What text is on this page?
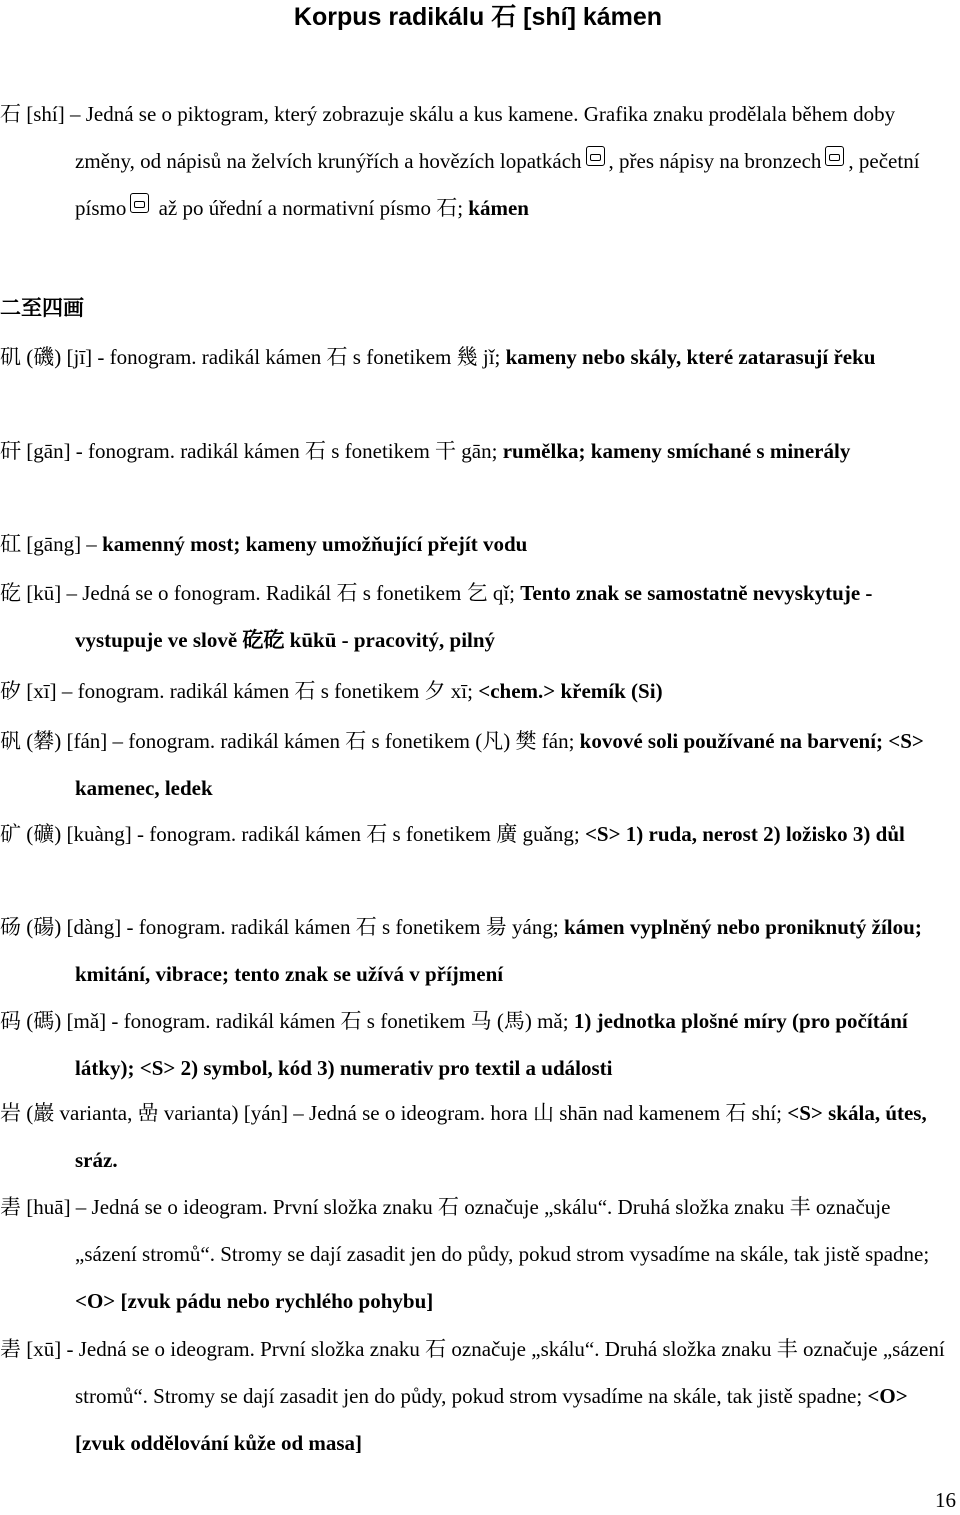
Korpus radikálu 石 [shí] kámen
石 [shí] – Jedná se o piktogram, který zobrazuje skálu a kus kamene. Grafika znaku prodělala během doby změny, od nápisů na želvích krunýřích a hovězích lopatkách , přes nápisy na bronzech , pečetní písmo až po úřední a normativní písmo 石; kámen
二至四画
矶 (磯) [jī] - fonogram. radikál kámen 石 s fonetikem 幾 jǐ; kameny nebo skály, které zatarasují řeku
矸 [gān] - fonogram. radikál kámen 石 s fonetikem 干 gān; rumělka; kameny smíchané s minerály
矼 [gāng] – kamenný most; kameny umožňující přejít vodu
矻 [kū] – Jedná se o fonogram. Radikál 石 s fonetikem 乞 qǐ; Tento znak se samostatně nevyskytuje - vystupuje ve slově 矻矻 kūkū - pracovitý, pilný
矽 [xī] – fonogram. radikál kámen 石 s fonetikem 夕 xī; <chem.> křemík (Si)
矾 (礬) [fán] – fonogram. radikál kámen 石 s fonetikem (凡) 樊 fán; kovové soli používané na barvení; <S> kamenec, ledek
矿 (礦) [kuàng] - fonogram. radikál kámen 石 s fonetikem 廣 guǎng; <S> 1) ruda, nerost 2) ložisko 3) důl
砀 (碭) [dàng] - fonogram. radikál kámen 石 s fonetikem 昜 yáng; kámen vyplněný nebo proniknutý žílou; kmitání, vibrace; tento znak se užívá v příjmení
码 (碼) [mǎ] - fonogram. radikál kámen 石 s fonetikem 马 (馬) mǎ; 1) jednotka plošné míry (pro počítání látky); <S> 2) symbol, kód 3) numerativ pro textil a události
岩 (巖 varianta, 嵒 varianta) [yán] – Jedná se o ideogram. hora 山 shān nad kamenem 石 shí; <S> skála, útes, sráz.
砉 [huā] – Jedná se o ideogram. První složka znaku 石 označuje „skálu“. Druhá složka znaku 丰 označuje „sázení stromů“. Stromy se dají zasadit jen do půdy, pokud strom vysadíme na skále, tak jistě spadne; <O> [zvuk pádu nebo rychlého pohybu]
砉 [xū] - Jedná se o ideogram. První složka znaku 石 označuje „skálu“. Druhá složka znaku 丰 označuje „sázení stromů“. Stromy se dají zasadit jen do půdy, pokud strom vysadíme na skále, tak jistě spadne; <O> [zvuk oddělování kůže od masa]
16
